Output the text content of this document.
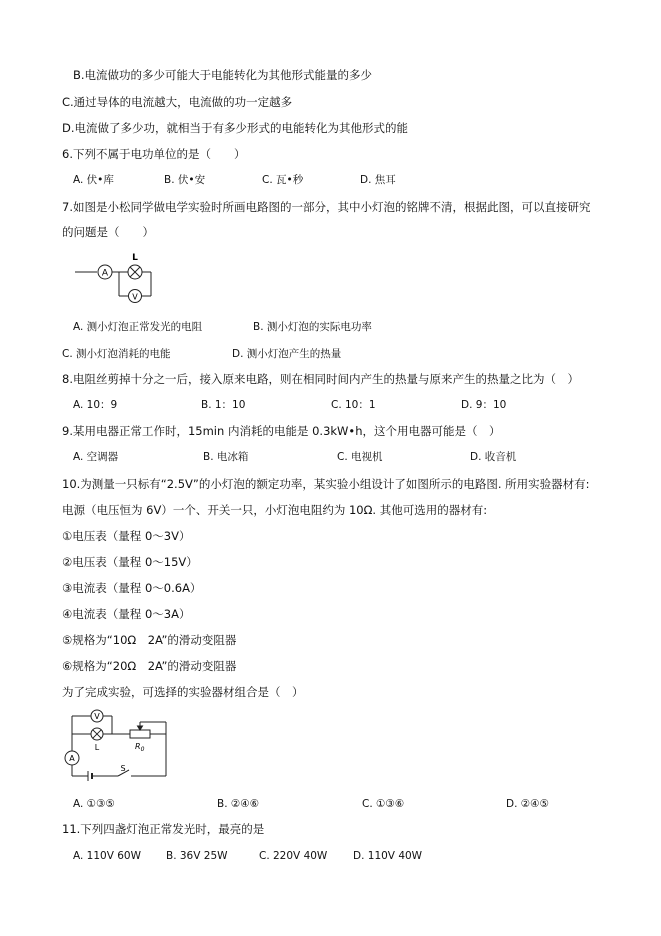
B.电流做功的多少可能大于电能转化为其他形式能量的多少
C.通过导体的电流越大，电流做的功一定越多
D.电流做了多少功，就相当于有多少形式的电能转化为其他形式的能
6.下列不属于电功单位的是（　　）
A. 伏•库	B. 伏•安	C. 瓦•秒	D. 焦耳
7.如图是小松同学做电学实验时所画电路图的一部分，其中小灯泡的铭牌不清，根据此图，可以直接研究
的问题是（　　）
A
L
V
A. 测小灯泡正常发光的电阻	B. 测小灯泡的实际电功率
C. 测小灯泡消耗的电能	D. 测小灯泡产生的热量
8.电阻丝剪掉十分之一后，接入原来电路，则在相同时间内产生的热量与原来产生的热量之比为（　）
A. 10：9	B. 1：10	C. 10：1	D. 9：10
9.某用电器正常工作时，15min 内消耗的电能是 0.3kW•h，这个用电器可能是（　）
A. 空调器	B. 电冰箱	C. 电视机	D. 收音机
10.为测量一只标有“2.5V”的小灯泡的额定功率，某实验小组设计了如图所示的电路图. 所用实验器材有:
电源（电压恒为 6V）一个、开关一只，小灯泡电阻约为 10Ω. 其他可选用的器材有:
①电压表（量程 0～3V）
②电压表（量程 0～15V）
③电流表（量程 0～0.6A）
④电流表（量程 0～3A）
⑤规格为“10Ω　2A”的滑动变阻器
⑥规格为“20Ω　2A”的滑动变阻器
为了完成实验，可选择的实验器材组合是（　）
V
L
A
$R_0$
S
A. ①③⑤	B. ②④⑥	C. ①③⑥	D. ②④⑤
11.下列四盏灯泡正常发光时，最亮的是
A. 110V 60W B. 36V 25W	C. 220V 40W D. 110V 40W
